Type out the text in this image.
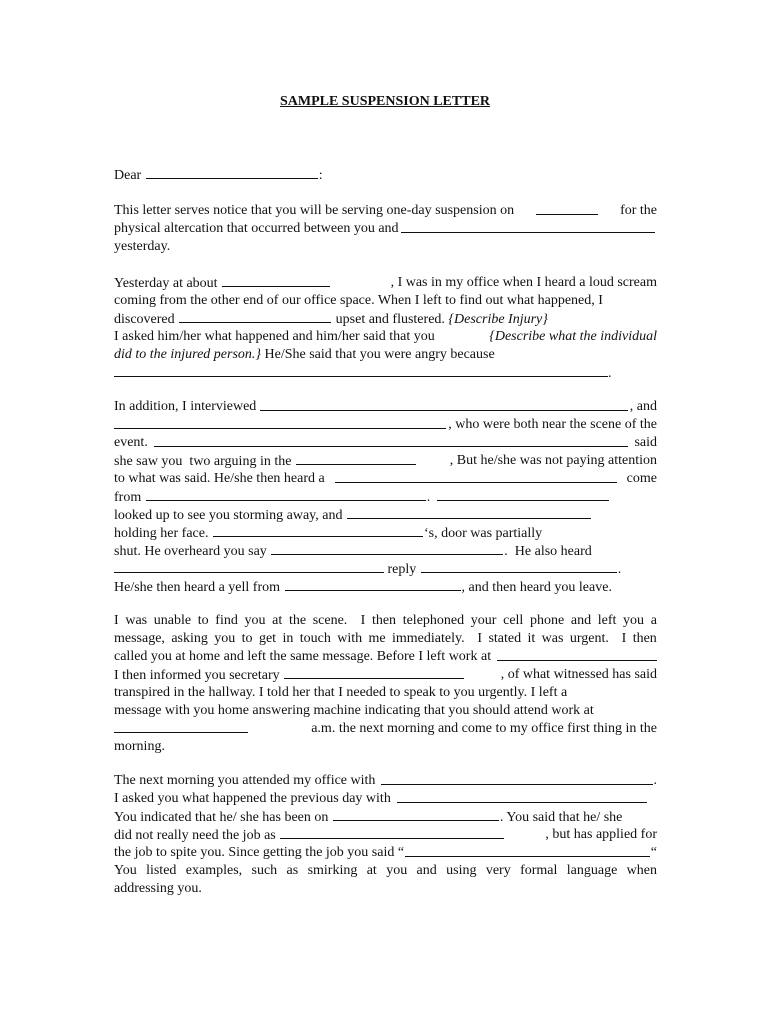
SAMPLE SUSPENSION LETTER
Dear	:
This letter serves notice that you will be serving one-day suspension on	for the
physical altercation that occurred between you and
yesterday.
Yesterday at about	, I was in my office when I heard a loud scream
coming from the other end of our office space. When I left to find out what happened, I
discovered	upset and flustered. {Describe Injury}
I asked him/her what happened and him/her said that you	{Describe what the individual
did to the injured person.} He/She said that you were angry because
.
In addition, I interviewed	, and
, who were both near the scene of the
event.	said
she saw you  two arguing in the	, But he/she was not paying attention
to what was said. He/she then heard a	come
from	.
looked up to see you storming away, and
holding her face.	‘s, door was partially
shut. He overheard you say	.  He also heard
reply	.
He/she then heard a yell from	, and then heard you leave.
I was unable to find you at the scene. I then telephoned your cell phone and left you a
message, asking you to get in touch with me immediately. I stated it was urgent. I then
called you at home and left the same message. Before I left work at
I then informed you secretary	, of what witnessed has said
transpired in the hallway. I told her that I needed to speak to you urgently. I left a
message with you home answering machine indicating that you should attend work at
a.m. the next morning and come to my office first thing in the
morning.
The next morning you attended my office with	.
I asked you what happened the previous day with
You indicated that he/ she has been on	. You said that he/ she
did not really need the job as	, but has applied for
the job to spite you. Since getting the job you said “	“
You listed examples, such as smirking at you and using very formal language when
addressing you.
